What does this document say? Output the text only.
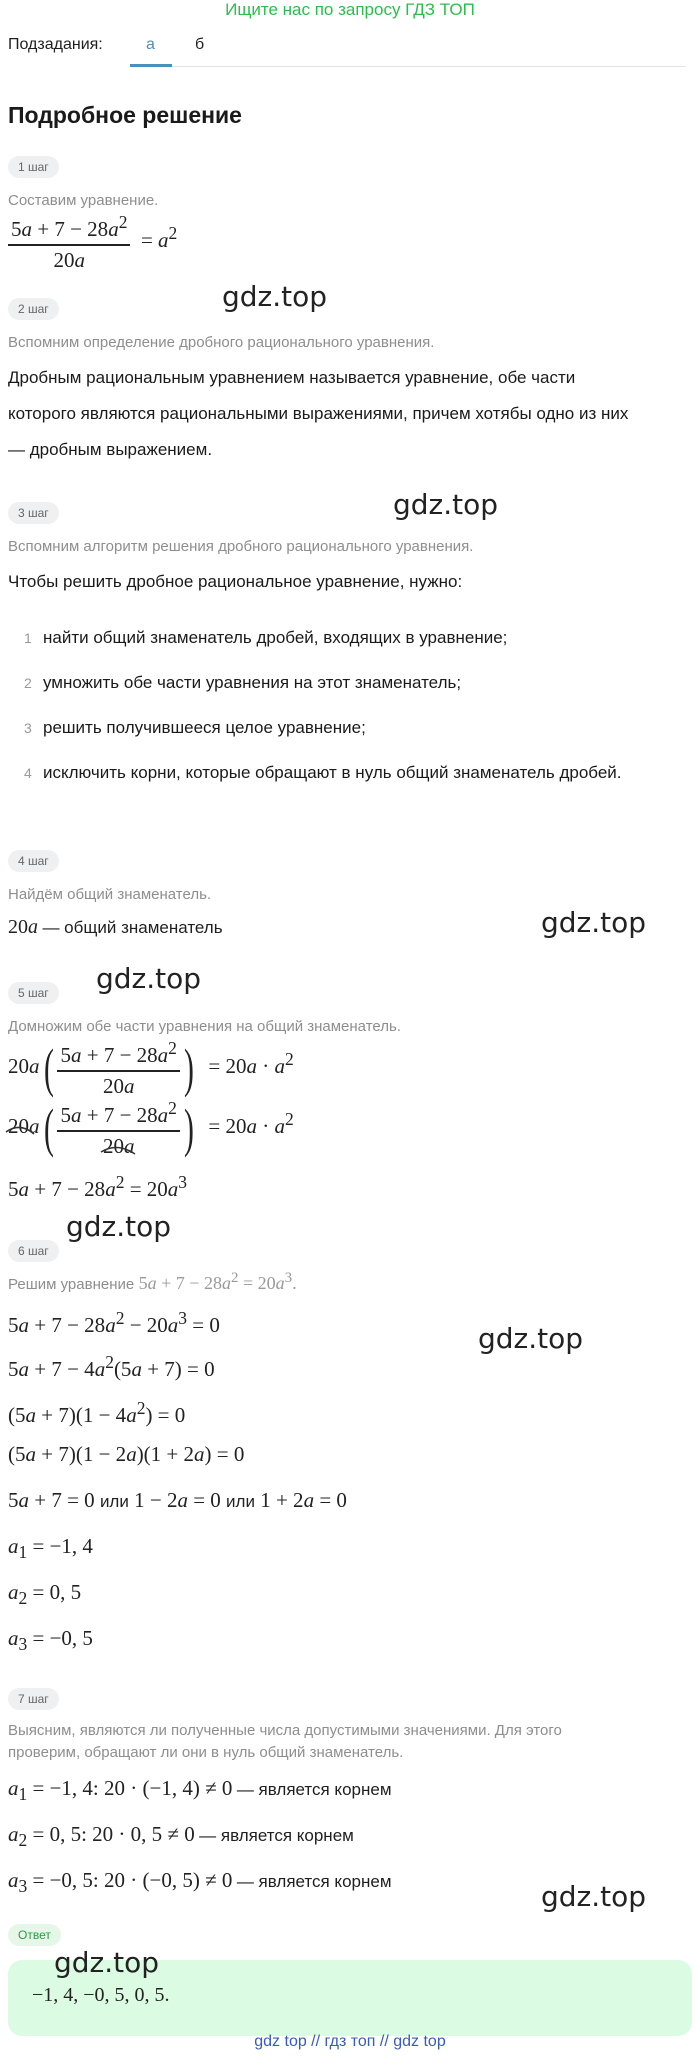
Ищите нас по запросу ГДЗ ТОП
Подзадания:	а	б
Подробное решение
1 шаг
Составим уравнение.
$\frac{5a + 7 - 28a^2}{20a} = a^2$
gdz.top
2 шаг
Вспомним определение дробного рационального уравнения.
Дробным рациональным уравнением называется уравнение, обе части
которого являются рациональными выражениями, причем хотябы одно из них
— дробным выражением.
gdz.top
3 шаг
Вспомним алгоритм решения дробного рационального уравнения.
Чтобы решить дробное рациональное уравнение, нужно:
1 найти общий знаменатель дробей, входящих в уравнение;
2 умножить обе части уравнения на этот знаменатель;
3 решить получившееся целое уравнение;
4 исключить корни, которые обращают в нуль общий знаменатель дробей.
4 шаг
Найдём общий знаменатель.
20a — общий знаменатель	gdz.top
gdz.top
5 шаг
Домножим обе части уравнения на общий знаменатель.
$20a( \frac{5a + 7 - 28a^2}{20a}$ )  = $20a \cdot a^2$
20a
( $\frac{5a + 7 - 28a^2}{20a}$ )  = $20a \cdot a^2$
$5a + 7 - 28a^2 = 20a^3$
gdz.top
6 шаг
Решим уравнение $5a + 7 - 28a^2 = 20a^3$.
$5a + 7 - 28a^2 - 20a^3 = 0$
$5a + 7 - 4a^2(5a + 7) = 0$
$(5a + 7)(1 - 4a^2) = 0$
(5a + 7)(1 − 2a)(1 + 2a) = 0
5a + 7 = 0 или 1 − 2a = 0 или 1 + 2a = 0
$a_1 = -1$, 4
$a_2 = 0$, 5
$a_3 = -0$, 5
gdz.top
7 шаг
Выясним, являются ли полученные числа допустимыми значениями. Для этого
проверим, обращают ли они в нуль общий знаменатель.
$a_1 = -1$, 4: 20 · (−1, 4) ≠ 0 — является корнем
$a_2 = 0$, 5: 20 · 0, 5 ≠ 0 — является корнем
$a_3 = -0$, 5: 20 · (−0, 5) ≠ 0 — является корнем	gdz.top
Ответ
gdz.top
−1, 4, −0, 5, 0, 5.
gdz top // гдз топ // gdz top
